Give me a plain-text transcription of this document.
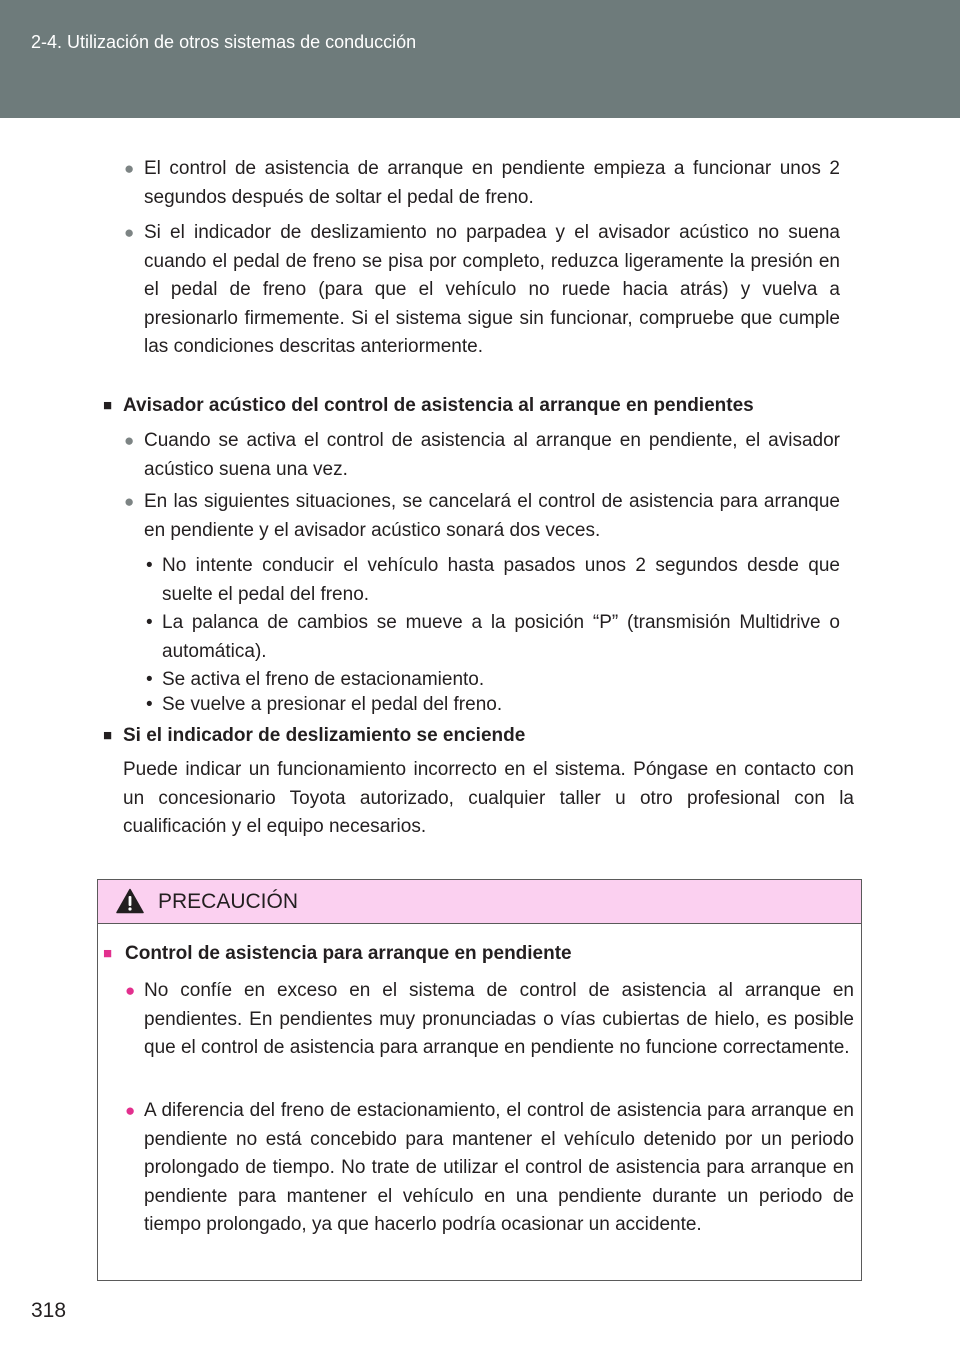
2-4. Utilización de otros sistemas de conducción
● El control de asistencia de arranque en pendiente empieza a funcionar unos 2 segundos después de soltar el pedal de freno.

● Si el indicador de deslizamiento no parpadea y el avisador acústico no suena cuando el pedal de freno se pisa por completo, reduzca ligeramente la presión en el pedal de freno (para que el vehículo no ruede hacia atrás) y vuelva a presionarlo firmemente. Si el sistema sigue sin funcionar, compruebe que cumple las condiciones descritas anteriormente.

■ Avisador acústico del control de asistencia al arranque en pendientes

● Cuando se activa el control de asistencia al arranque en pendiente, el avisador acústico suena una vez.

● En las siguientes situaciones, se cancelará el control de asistencia para arranque en pendiente y el avisador acústico sonará dos veces.

• No intente conducir el vehículo hasta pasados unos 2 segundos desde que suelte el pedal del freno.

• La palanca de cambios se mueve a la posición “P” (transmisión Multidrive o automática).

• Se activa el freno de estacionamiento.

• Se vuelve a presionar el pedal del freno.

■ Si el indicador de deslizamiento se enciende

Puede indicar un funcionamiento incorrecto en el sistema. Póngase en contacto con un concesionario Toyota autorizado, cualquier taller u otro profesional con la cualificación y el equipo necesarios.

PRECAUCIÓN
■ Control de asistencia para arranque en pendiente

● No confíe en exceso en el sistema de control de asistencia al arranque en pendientes. En pendientes muy pronunciadas o vías cubiertas de hielo, es posible que el control de asistencia para arranque en pendiente no funcione correctamente.

● A diferencia del freno de estacionamiento, el control de asistencia para arranque en pendiente no está concebido para mantener el vehículo detenido por un periodo prolongado de tiempo. No trate de utilizar el control de asistencia para arranque en pendiente para mantener el vehículo en una pendiente durante un periodo de tiempo prolongado, ya que hacerlo podría ocasionar un accidente.

318
